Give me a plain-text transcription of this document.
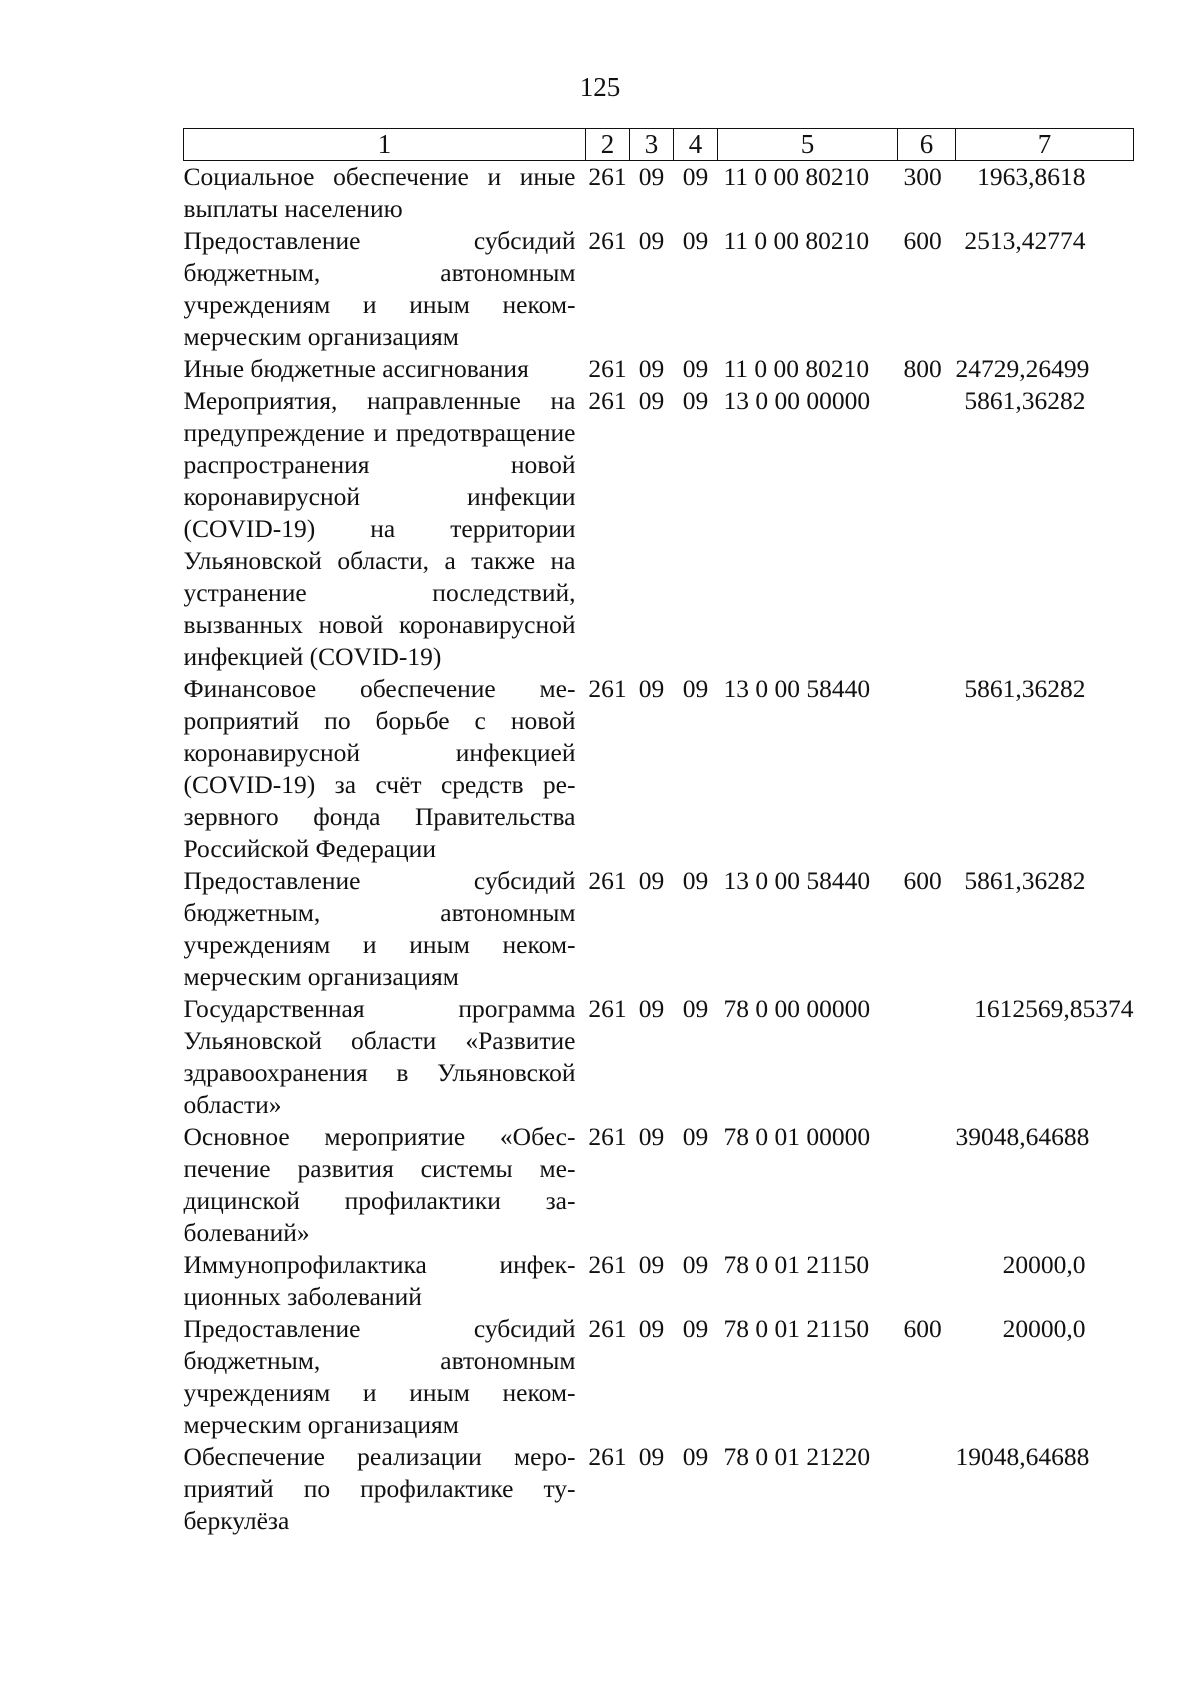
125
1	2	3	4	5	6	7
Социальное обеспечение и иные выплаты населению	261	09	09	11 0 00 80210	300	1963,8618
Предоставление субсидий бюджетным, автономным учреждениям и иным некоммерческим организациям	261	09	09	11 0 00 80210	600	2513,42774
Иные бюджетные ассигнования	261	09	09	11 0 00 80210	800	24729,26499
Мероприятия, направленные на предупреждение и предотвращение распространения новой коронавирусной инфекции (COVID-19) на территории Ульяновской области, а также на устранение последствий, вызванных новой коронавирусной инфекцией (COVID-19)	261	09	09	13 0 00 00000		5861,36282
Финансовое обеспечение мероприятий по борьбе с новой коронавирусной инфекцией (COVID-19) за счёт средств резервного фонда Правительства Российской Федерации	261	09	09	13 0 00 58440		5861,36282
Предоставление субсидий бюджетным, автономным учреждениям и иным некоммерческим организациям	261	09	09	13 0 00 58440	600	5861,36282
Государственная программа Ульяновской области «Развитие здравоохранения в Ульяновской области»	261	09	09	78 0 00 00000		1612569,85374
Основное мероприятие «Обеспечение развития системы медицинской профилактики заболеваний»	261	09	09	78 0 01 00000		39048,64688
Иммунопрофилактика инфекционных заболеваний	261	09	09	78 0 01 21150		20000,0
Предоставление субсидий бюджетным, автономным учреждениям и иным некоммерческим организациям	261	09	09	78 0 01 21150	600	20000,0
Обеспечение реализации мероприятий по профилактике туберкулёза	261	09	09	78 0 01 21220		19048,64688
